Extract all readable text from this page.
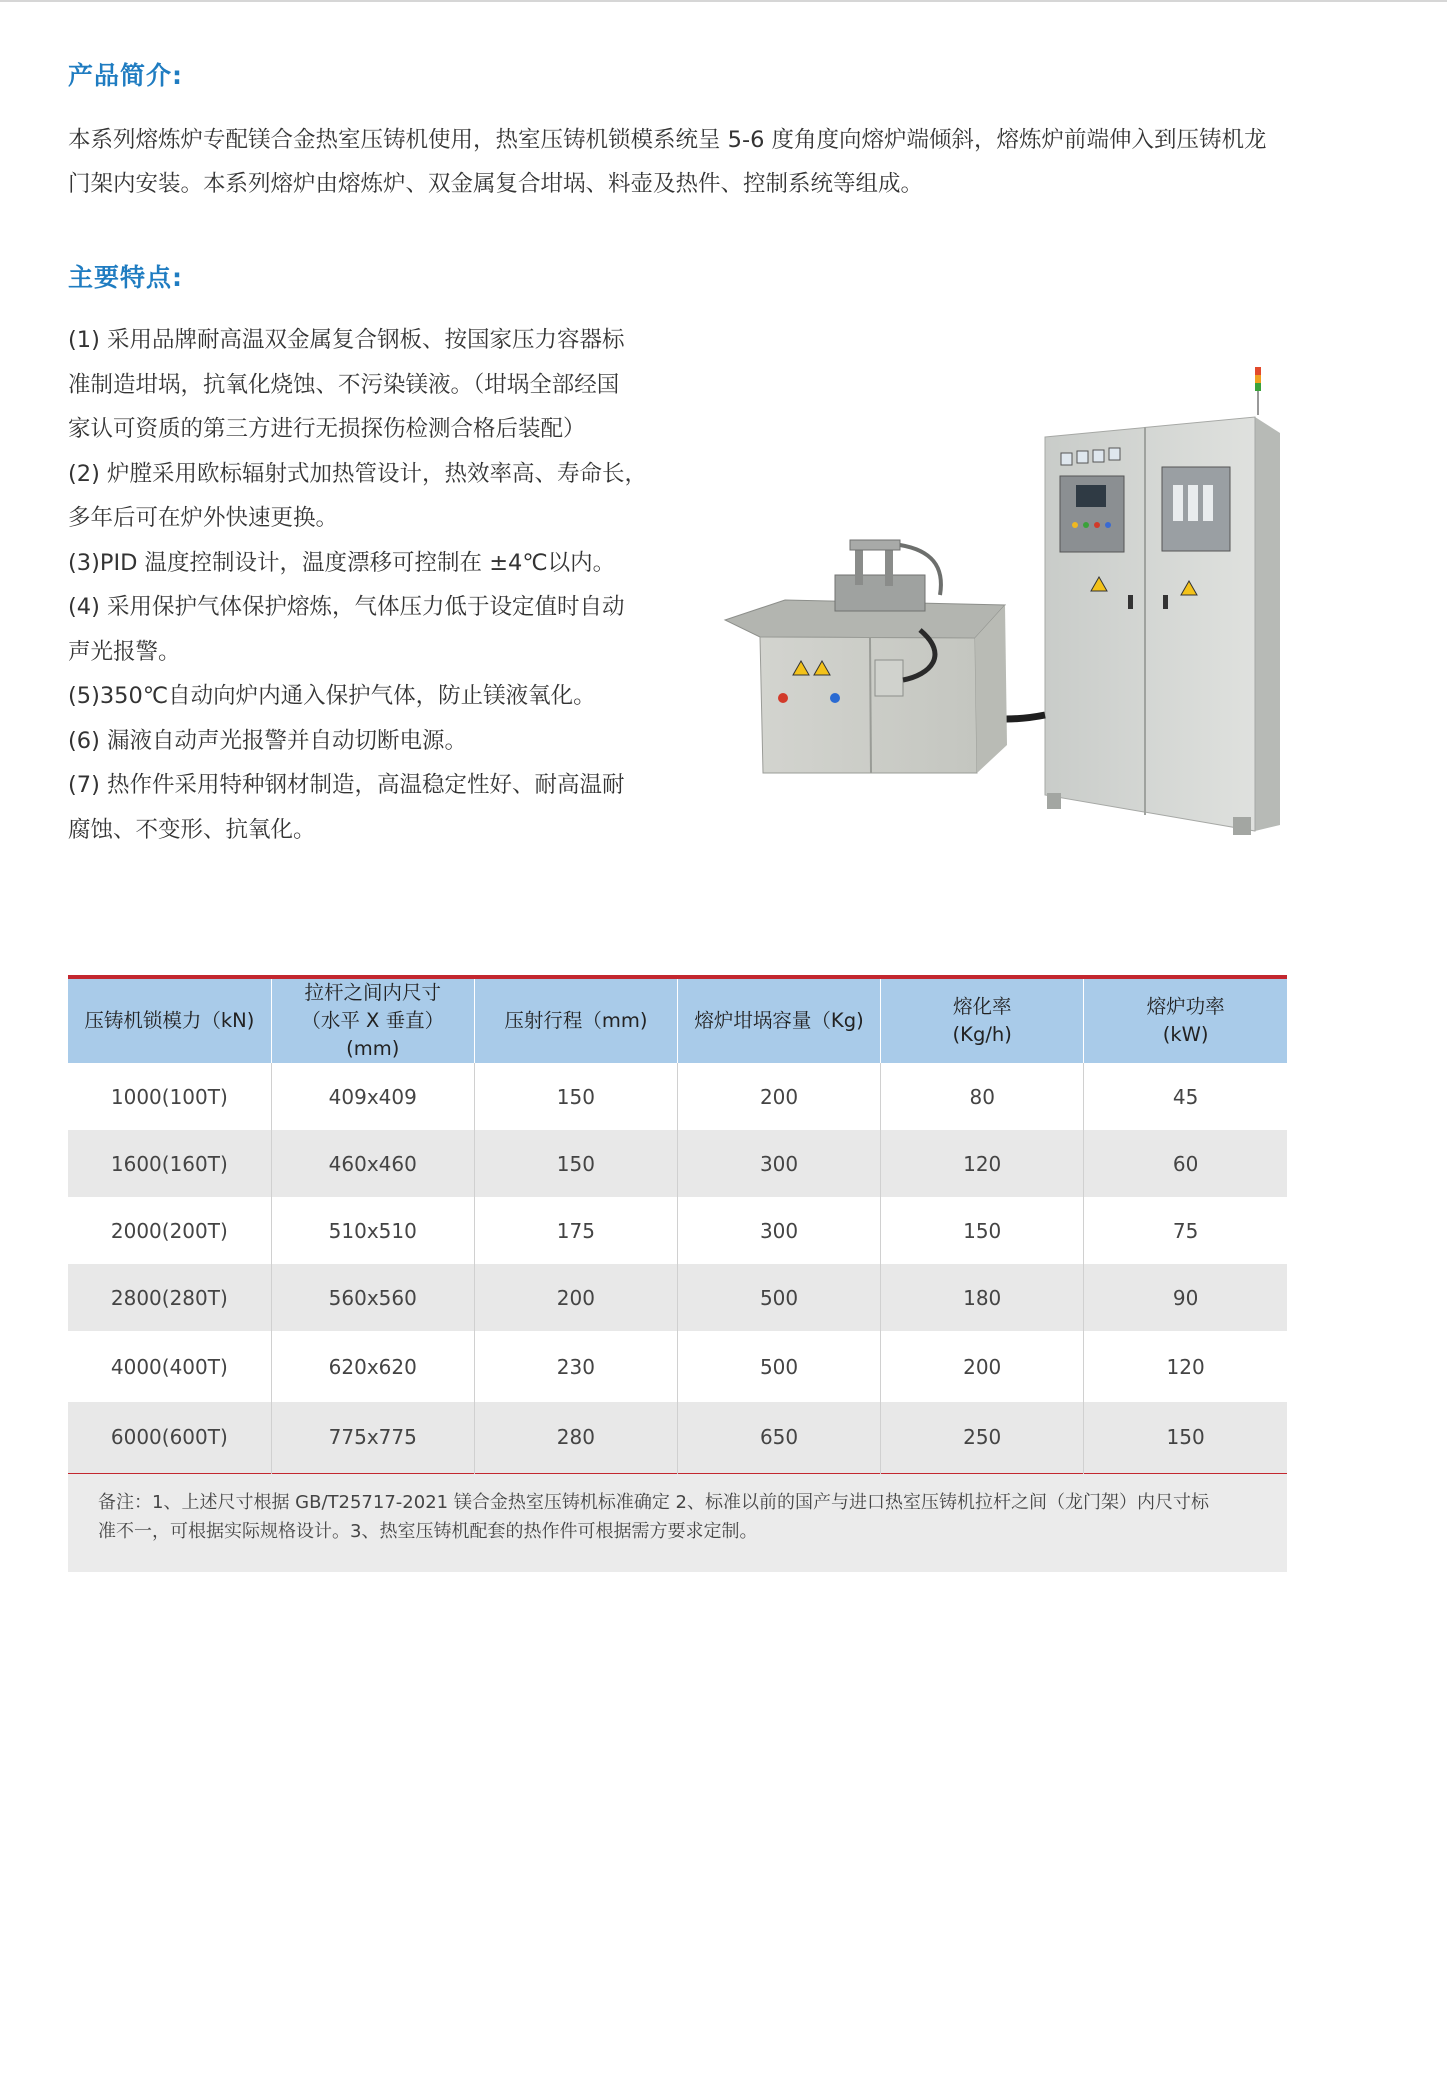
产品简介:
本系列熔炼炉专配镁合金热室压铸机使用，热室压铸机锁模系统呈 5-6 度角度向熔炉端倾斜，熔炼炉前端伸入到压铸机龙
门架内安装。本系列熔炉由熔炼炉、双金属复合坩埚、料壶及热件、控制系统等组成。
主要特点:
(1) 采用品牌耐高温双金属复合钢板、按国家压力容器标
准制造坩埚，抗氧化烧蚀、不污染镁液。（坩埚全部经国
家认可资质的第三方进行无损探伤检测合格后装配）
(2) 炉膛采用欧标辐射式加热管设计，热效率高、寿命长，
多年后可在炉外快速更换。
(3)PID 温度控制设计，温度漂移可控制在 ±4℃以内。
(4) 采用保护气体保护熔炼，气体压力低于设定值时自动
声光报警。
(5)350℃自动向炉内通入保护气体，防止镁液氧化。
(6) 漏液自动声光报警并自动切断电源。
(7) 热作件采用特种钢材制造，高温稳定性好、耐高温耐
腐蚀、不变形、抗氧化。
压铸机锁模力（kN)	拉杆之间内尺寸
（水平 X 垂直）(mm)	压射行程（mm)	熔炉坩埚容量（Kg)	熔化率
(Kg/h)	熔炉功率
(kW)
1000(100T)	409x409	150	200	80	45
1600(160T)	460x460	150	300	120	60
2000(200T)	510x510	175	300	150	75
2800(280T)	560x560	200	500	180	90
4000(400T)	620x620	230	500	200	120
6000(600T)	775x775	280	650	250	150
备注：1、上述尺寸根据 GB/T25717-2021 镁合金热室压铸机标准确定 2、标准以前的国产与进口热室压铸机拉杆之间（龙门架）内尺寸标
准不一，可根据实际规格设计。3、热室压铸机配套的热作件可根据需方要求定制。
